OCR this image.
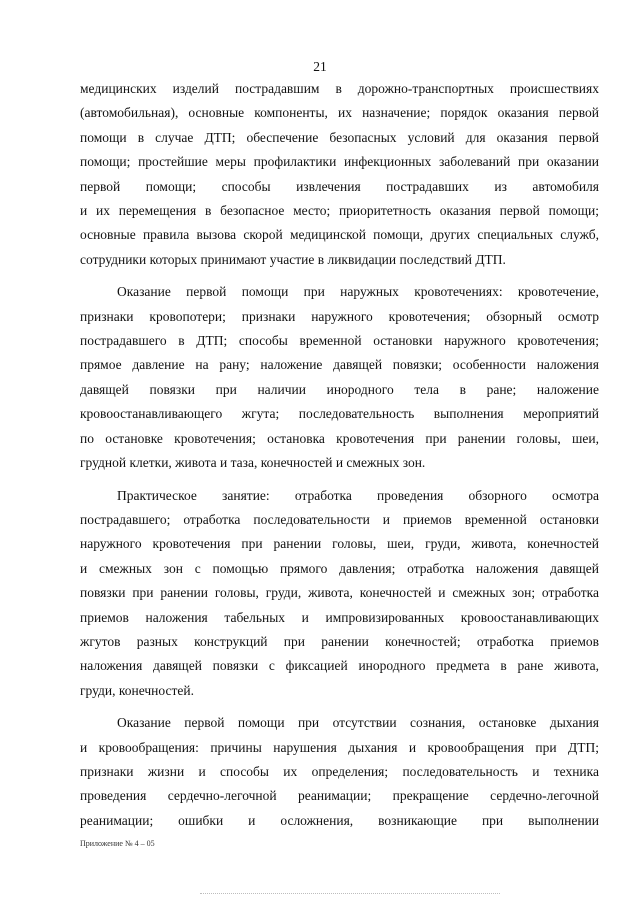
21

медицинских изделий пострадавшим в дорожно-транспортных происшествиях
(автомобильная), основные компоненты, их назначение; порядок оказания первой
помощи в случае ДТП; обеспечение безопасных условий для оказания первой
помощи; простейшие меры профилактики инфекционных заболеваний при оказании
первой помощи; способы извлечения пострадавших из автомобиля
и их перемещения в безопасное место; приоритетность оказания первой помощи;
основные правила вызова скорой медицинской помощи, других специальных служб,
сотрудники которых принимают участие в ликвидации последствий ДТП.

Оказание первой помощи при наружных кровотечениях: кровотечение,
признаки кровопотери; признаки наружного кровотечения; обзорный осмотр
пострадавшего в ДТП; способы временной остановки наружного кровотечения;
прямое давление на рану; наложение давящей повязки; особенности наложения
давящей повязки при наличии инородного тела в ране; наложение
кровоостанавливающего жгута; последовательность выполнения мероприятий
по остановке кровотечения; остановка кровотечения при ранении головы, шеи,
грудной клетки, живота и таза, конечностей и смежных зон.

Практическое занятие: отработка проведения обзорного осмотра
пострадавшего; отработка последовательности и приемов временной остановки
наружного кровотечения при ранении головы, шеи, груди, живота, конечностей
и смежных зон с помощью прямого давления; отработка наложения давящей
повязки при ранении головы, груди, живота, конечностей и смежных зон; отработка
приемов наложения табельных и импровизированных кровоостанавливающих
жгутов разных конструкций при ранении конечностей; отработка приемов
наложения давящей повязки с фиксацией инородного предмета в ране живота,
груди, конечностей.

Оказание первой помощи при отсутствии сознания, остановке дыхания
и кровообращения: причины нарушения дыхания и кровообращения при ДТП;
признаки жизни и способы их определения; последовательность и техника
проведения сердечно-легочной реанимации; прекращение сердечно-легочной
реанимации; ошибки и осложнения, возникающие при выполнении

Приложение № 4 – 05
